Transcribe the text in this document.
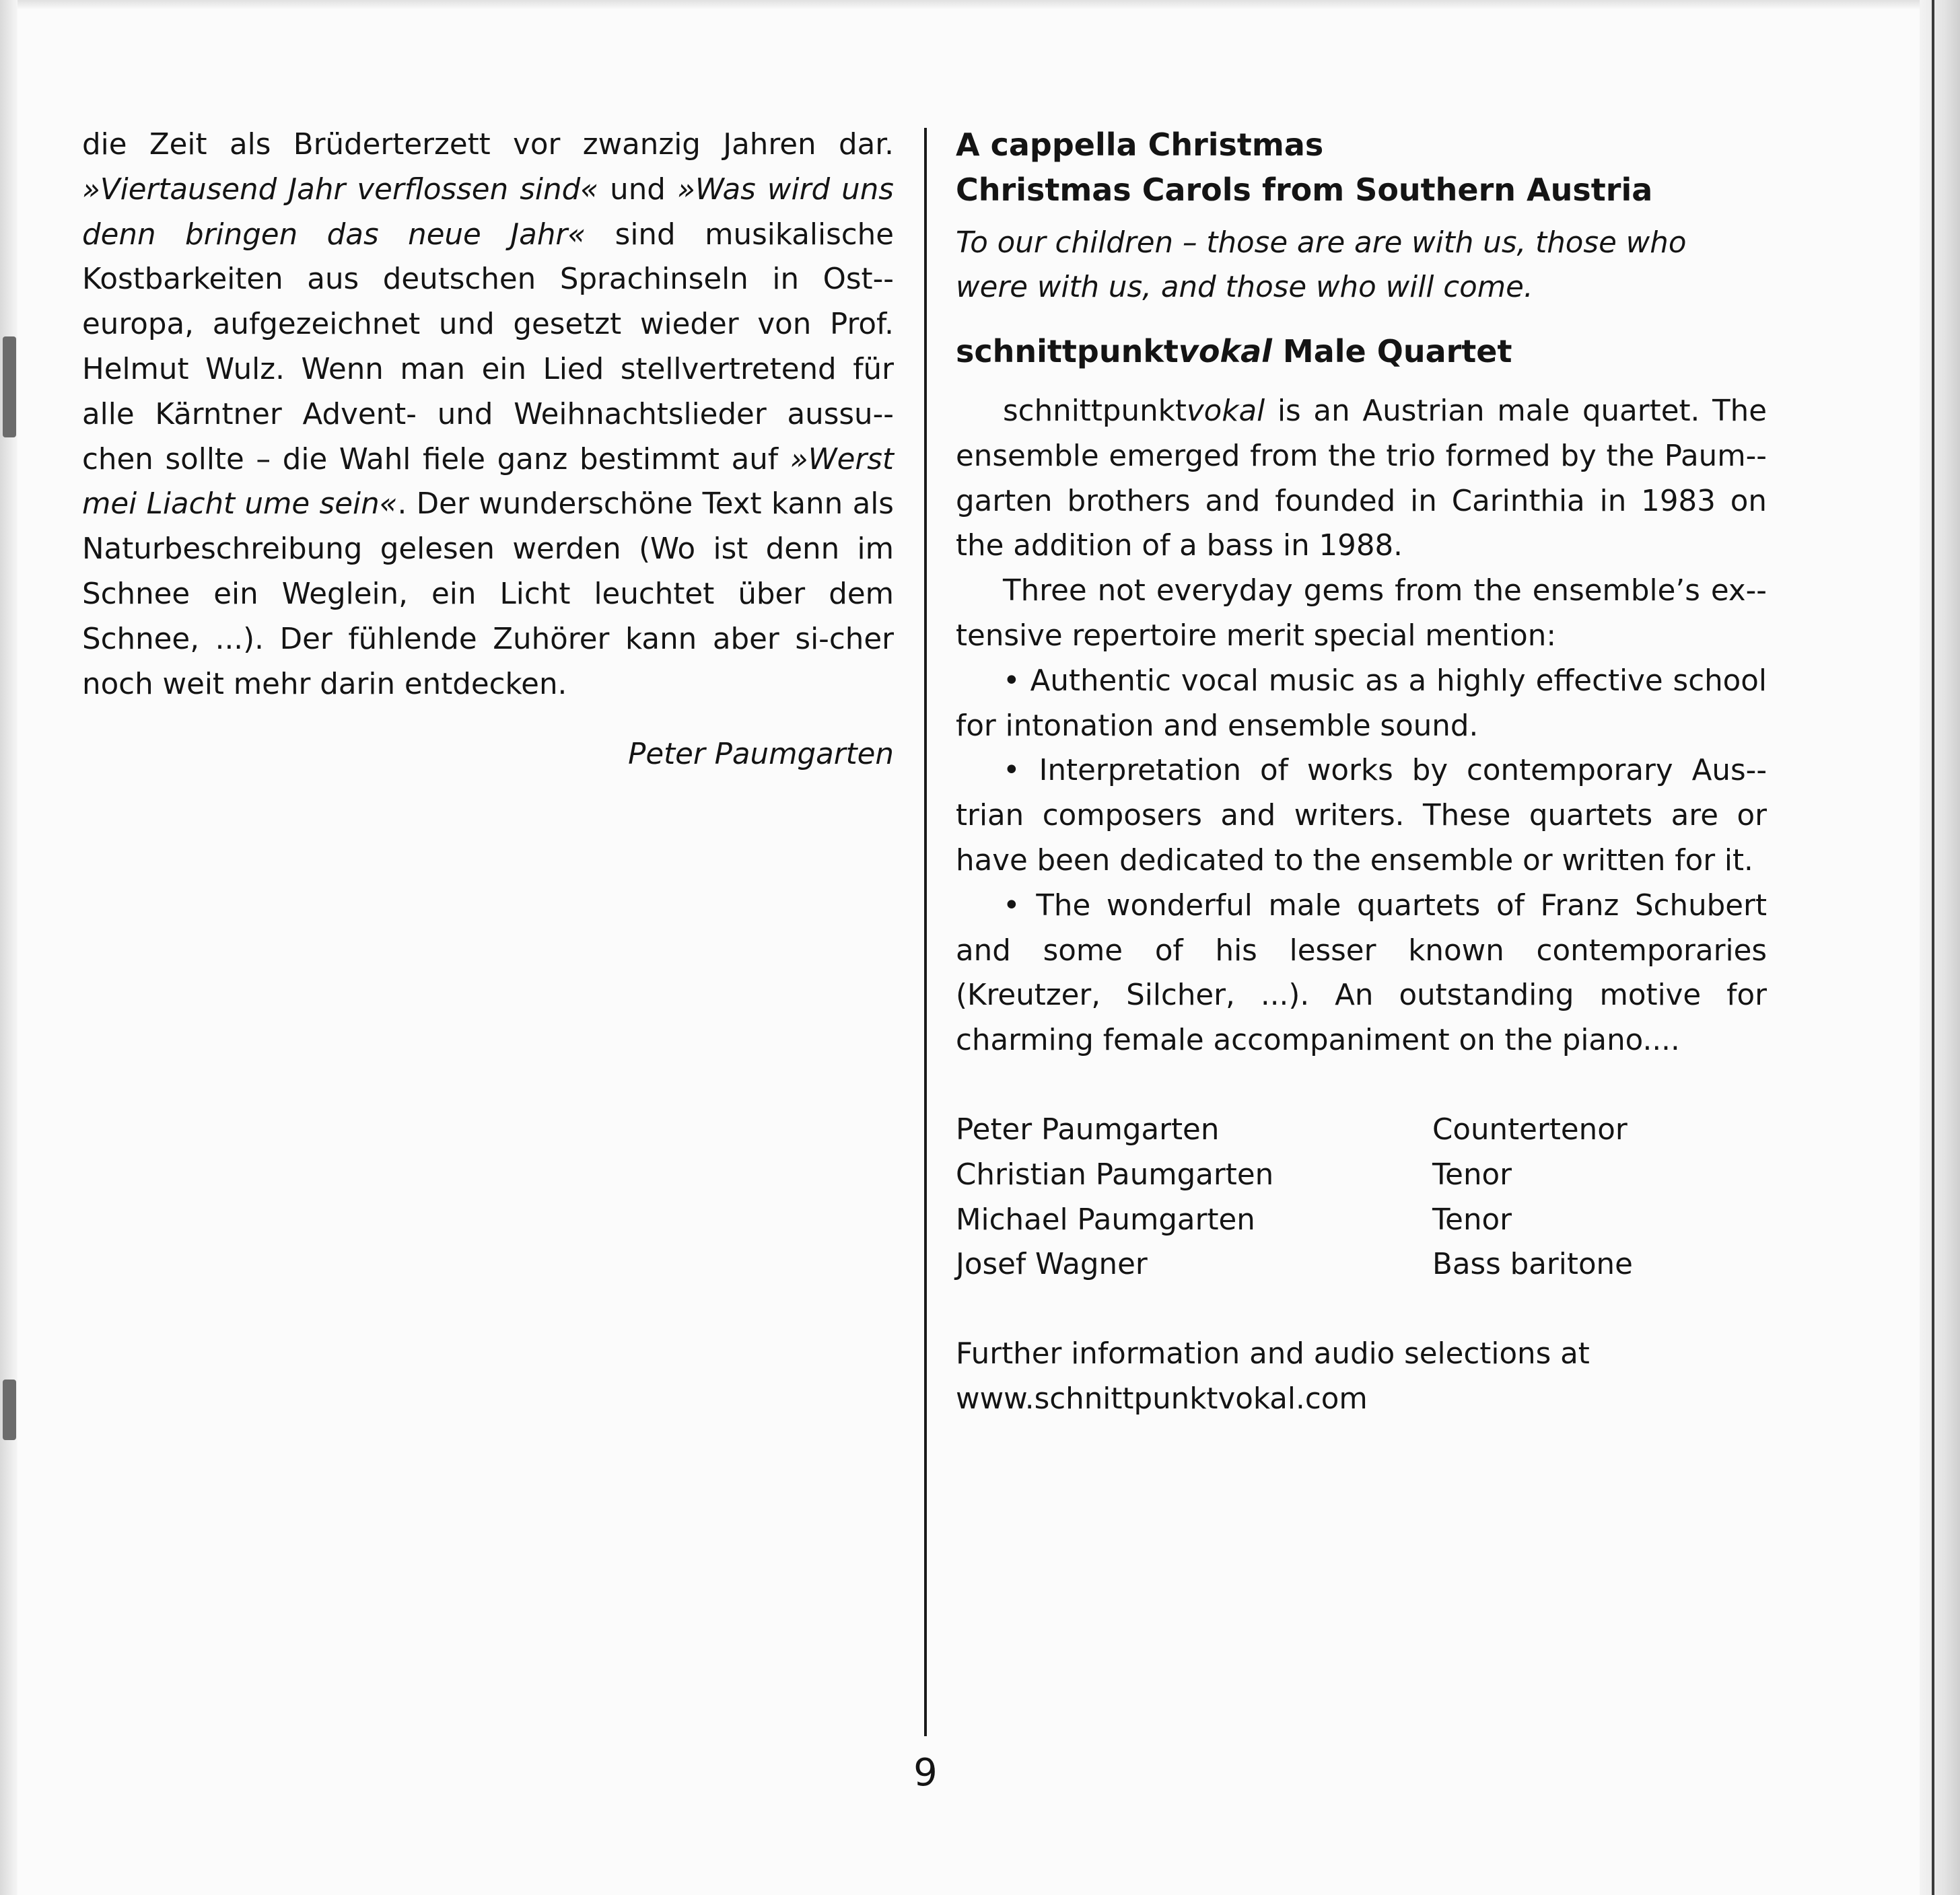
die Zeit als Brüderterzett vor zwanzig Jahren dar. »Viertausend Jahr verflossen sind« und »Was wird uns denn bringen das neue Jahr« sind musikalische Kostbarkeiten aus deutschen Sprachinseln in Ost-europa, aufgezeichnet und gesetzt wieder von Prof. Helmut Wulz. Wenn man ein Lied stellvertretend für alle Kärntner Advent- und Weihnachtslieder aussu-chen sollte – die Wahl fiele ganz bestimmt auf »Werst mei Liacht ume sein«. Der wunderschöne Text kann als Naturbeschreibung gelesen werden (Wo ist denn im Schnee ein Weglein, ein Licht leuchtet über dem Schnee, ...). Der fühlende Zuhörer kann aber si-cher noch weit mehr darin entdecken.

Peter Paumgarten

A cappella Christmas

Christmas Carols from Southern Austria

To our children – those are are with us, those who were with us, and those who will come.

schnittpunktvokal Male Quartet

schnittpunktvokal is an Austrian male quartet. The ensemble emerged from the trio formed by the Paum-garten brothers and founded in Carinthia in 1983 on the addition of a bass in 1988.

Three not everyday gems from the ensemble’s ex-tensive repertoire merit special mention:

• Authentic vocal music as a highly effective school for intonation and ensemble sound.

• Interpretation of works by contemporary Aus-trian composers and writers. These quartets are or have been dedicated to the ensemble or written for it.

• The wonderful male quartets of Franz Schubert and some of his lesser known contemporaries (Kreutzer, Silcher, ...). An outstanding motive for charming female accompaniment on the piano....

Peter Paumgarten	Countertenor
Christian Paumgarten	Tenor
Michael Paumgarten	Tenor
Josef Wagner	Bass baritone

Further information and audio selections at

www.schnittpunktvokal.com

9
